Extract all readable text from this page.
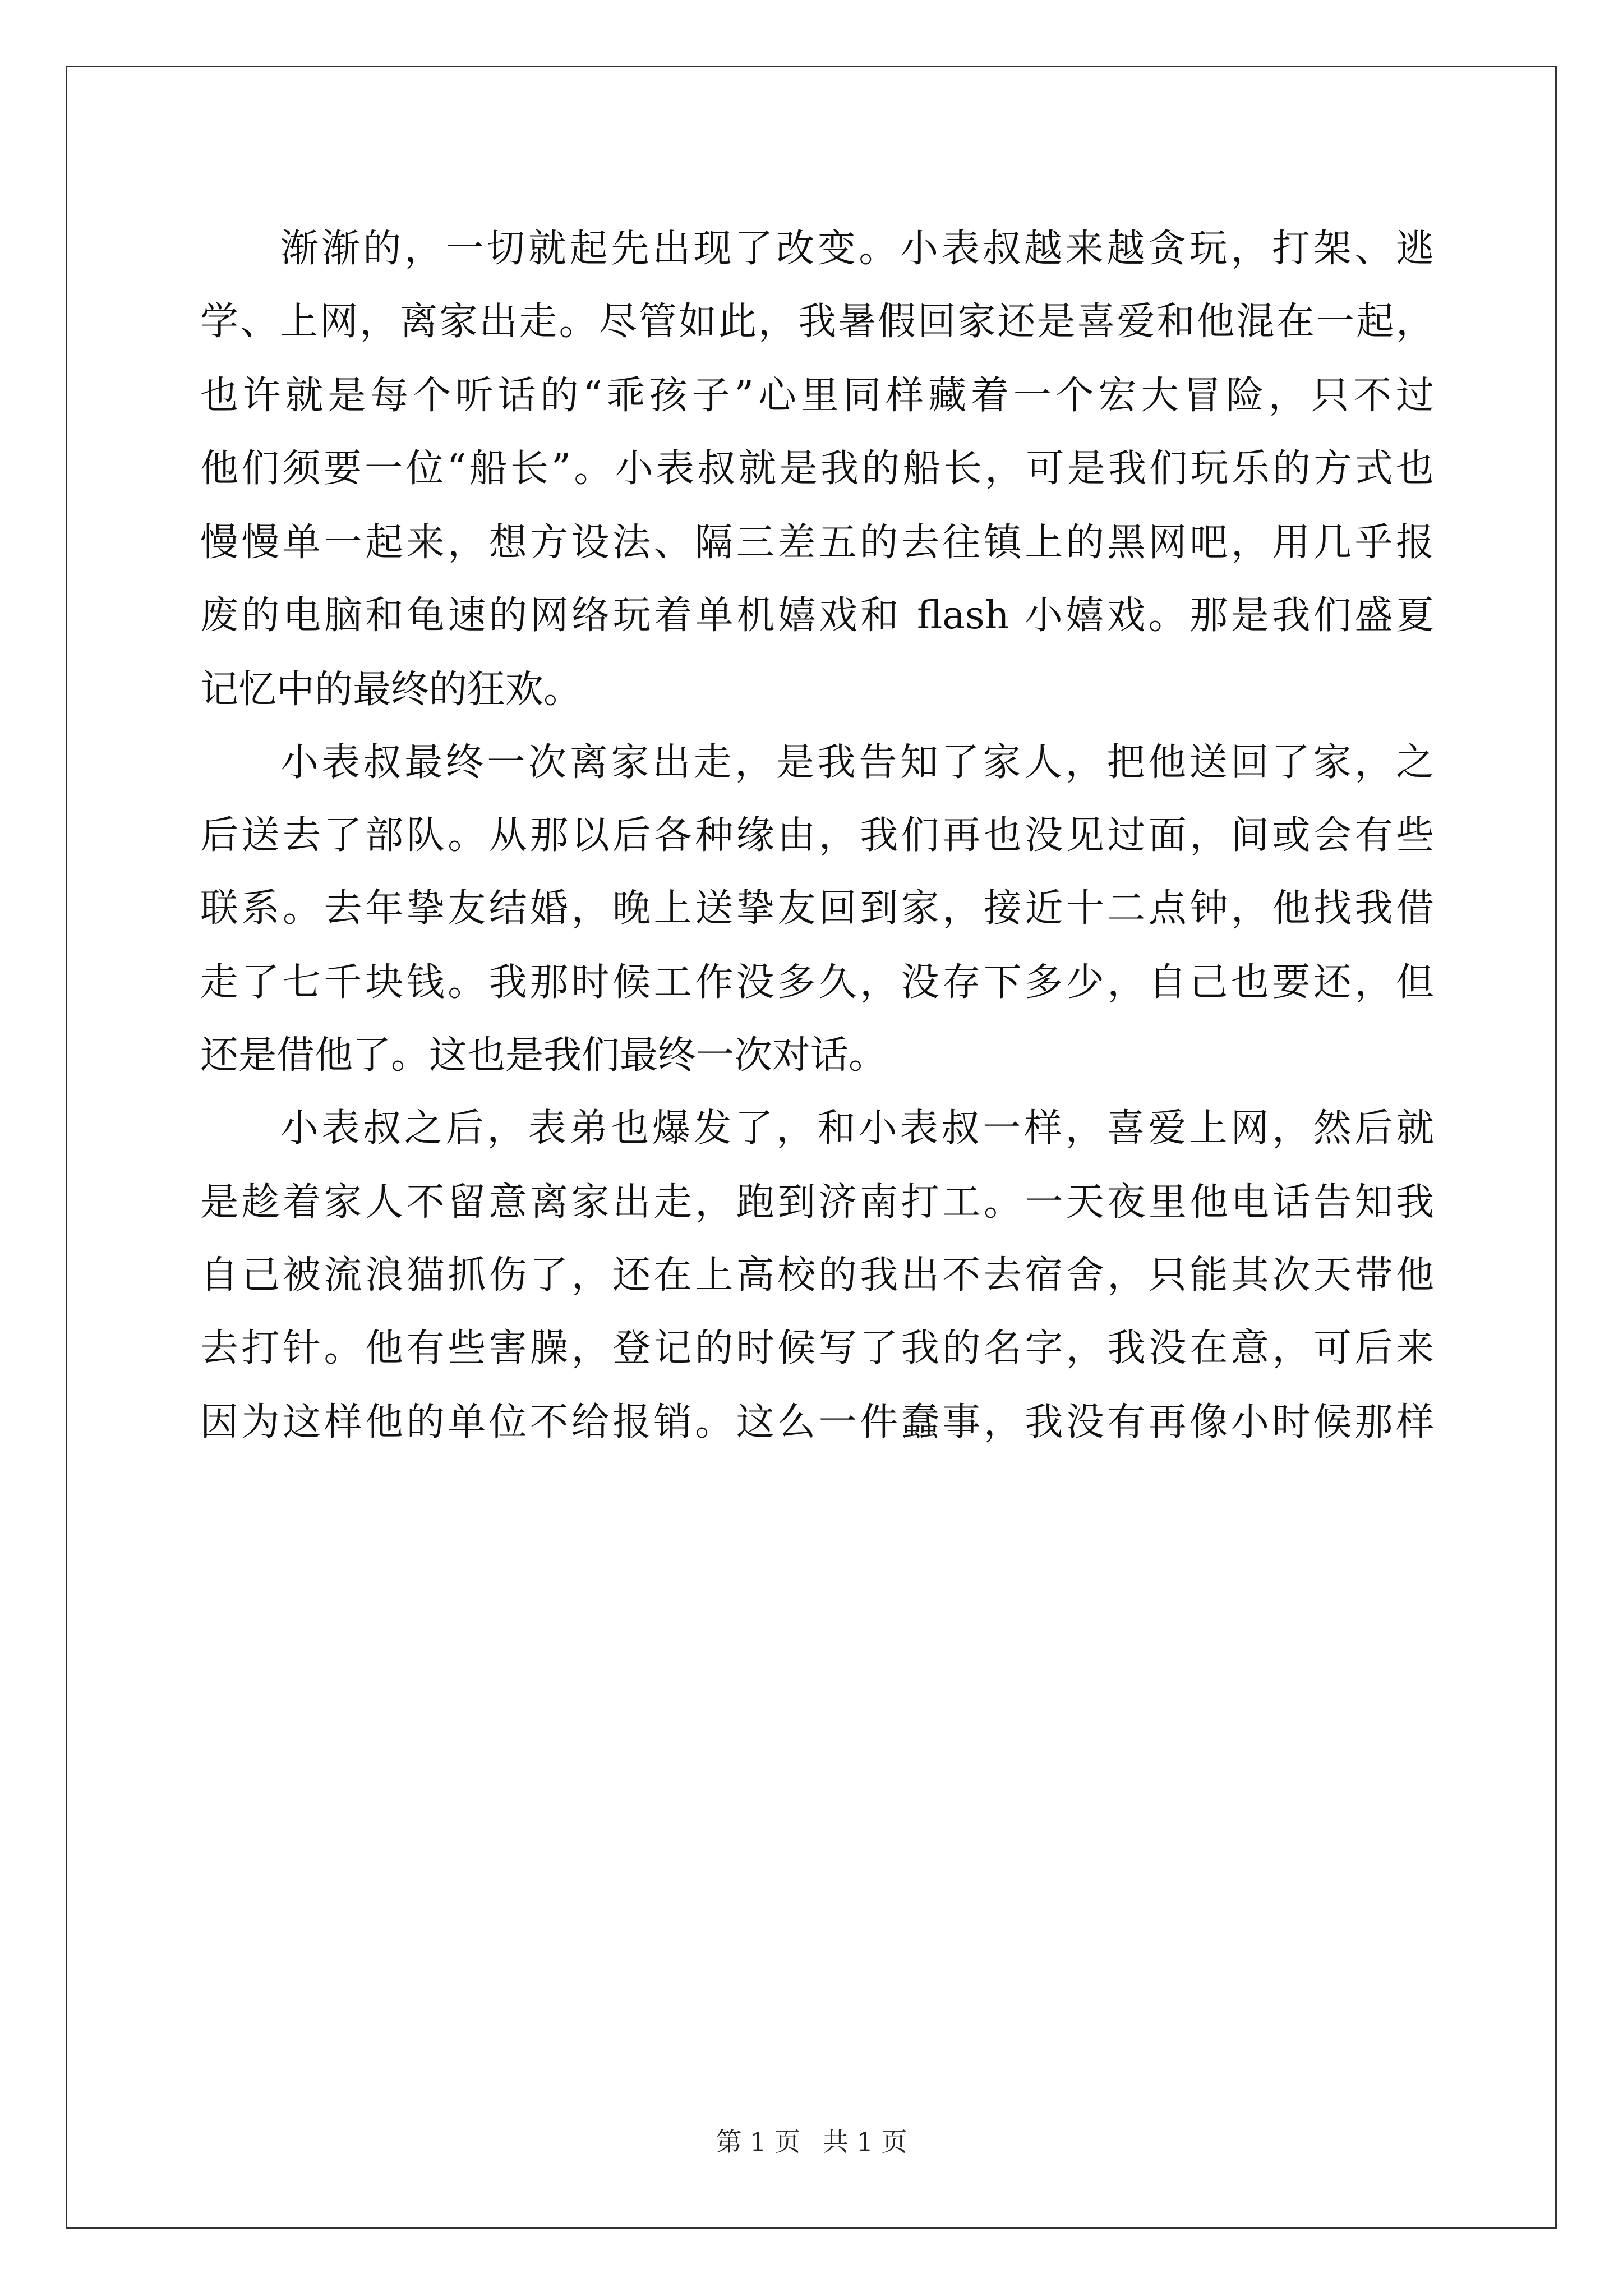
渐渐的，一切就起先出现了改变。小表叔越来越贪玩，打架、逃
学、上网，离家出走。尽管如此，我暑假回家还是喜爱和他混在一起，
也许就是每个听话的“乖孩子”心里同样藏着一个宏大冒险，只不过
他们须要一位“船长”。小表叔就是我的船长，可是我们玩乐的方式也
慢慢单一起来，想方设法、隔三差五的去往镇上的黑网吧，用几乎报
废的电脑和龟速的网络玩着单机嬉戏和 flash 小嬉戏。那是我们盛夏
记忆中的最终的狂欢。
小表叔最终一次离家出走，是我告知了家人，把他送回了家，之
后送去了部队。从那以后各种缘由，我们再也没见过面，间或会有些
联系。去年挚友结婚，晚上送挚友回到家，接近十二点钟，他找我借
走了七千块钱。我那时候工作没多久，没存下多少，自己也要还，但
还是借他了。这也是我们最终一次对话。
小表叔之后，表弟也爆发了，和小表叔一样，喜爱上网，然后就
是趁着家人不留意离家出走，跑到济南打工。一天夜里他电话告知我
自己被流浪猫抓伤了，还在上高校的我出不去宿舍，只能其次天带他
去打针。他有些害臊，登记的时候写了我的名字，我没在意，可后来
因为这样他的单位不给报销。这么一件蠢事，我没有再像小时候那样
第 1 页 共 1 页
